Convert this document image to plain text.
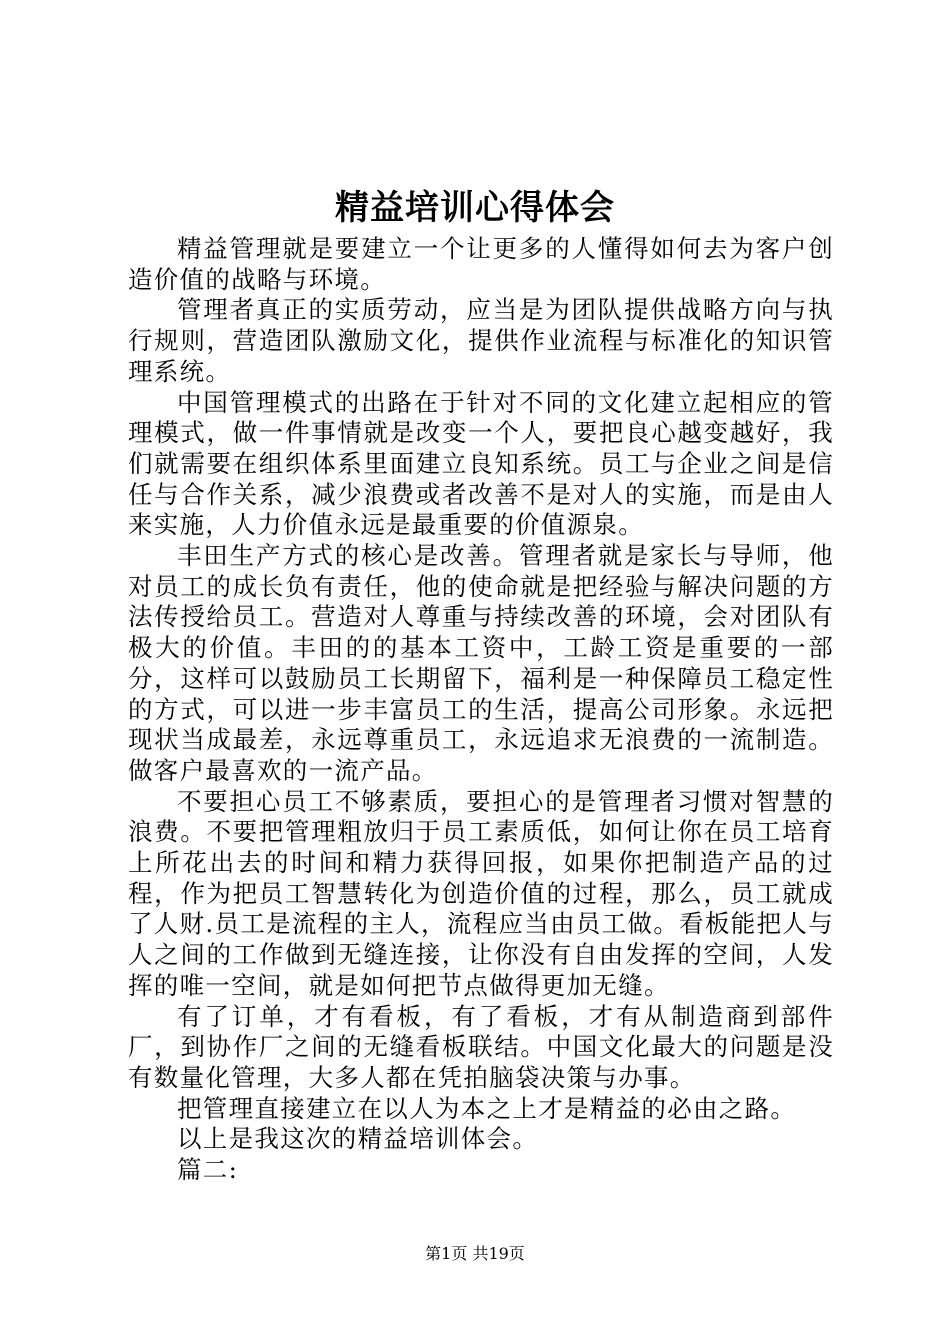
精益培训心得体会

精益管理就是要建立一个让更多的人懂得如何去为客户创造价值的战略与环境。

管理者真正的实质劳动，应当是为团队提供战略方向与执行规则，营造团队激励文化，提供作业流程与标准化的知识管理系统。

中国管理模式的出路在于针对不同的文化建立起相应的管理模式，做一件事情就是改变一个人，要把良心越变越好，我们就需要在组织体系里面建立良知系统。员工与企业之间是信任与合作关系，减少浪费或者改善不是对人的实施，而是由人来实施，人力价值永远是最重要的价值源泉。

丰田生产方式的核心是改善。管理者就是家长与导师，他对员工的成长负有责任，他的使命就是把经验与解决问题的方法传授给员工。营造对人尊重与持续改善的环境，会对团队有极大的价值。丰田的的基本工资中，工龄工资是重要的一部分，这样可以鼓励员工长期留下，福利是一种保障员工稳定性的方式，可以进一步丰富员工的生活，提高公司形象。永远把现状当成最差，永远尊重员工，永远追求无浪费的一流制造。做客户最喜欢的一流产品。

不要担心员工不够素质，要担心的是管理者习惯对智慧的浪费。不要把管理粗放归于员工素质低，如何让你在员工培育上所花出去的时间和精力获得回报，如果你把制造产品的过程，作为把员工智慧转化为创造价值的过程，那么，员工就成了人财.员工是流程的主人，流程应当由员工做。看板能把人与人之间的工作做到无缝连接，让你没有自由发挥的空间，人发挥的唯一空间，就是如何把节点做得更加无缝。

有了订单，才有看板，有了看板，才有从制造商到部件厂，到协作厂之间的无缝看板联结。中国文化最大的问题是没有数量化管理，大多人都在凭拍脑袋决策与办事。

把管理直接建立在以人为本之上才是精益的必由之路。

以上是我这次的精益培训体会。

篇二:

第1页 共19页
